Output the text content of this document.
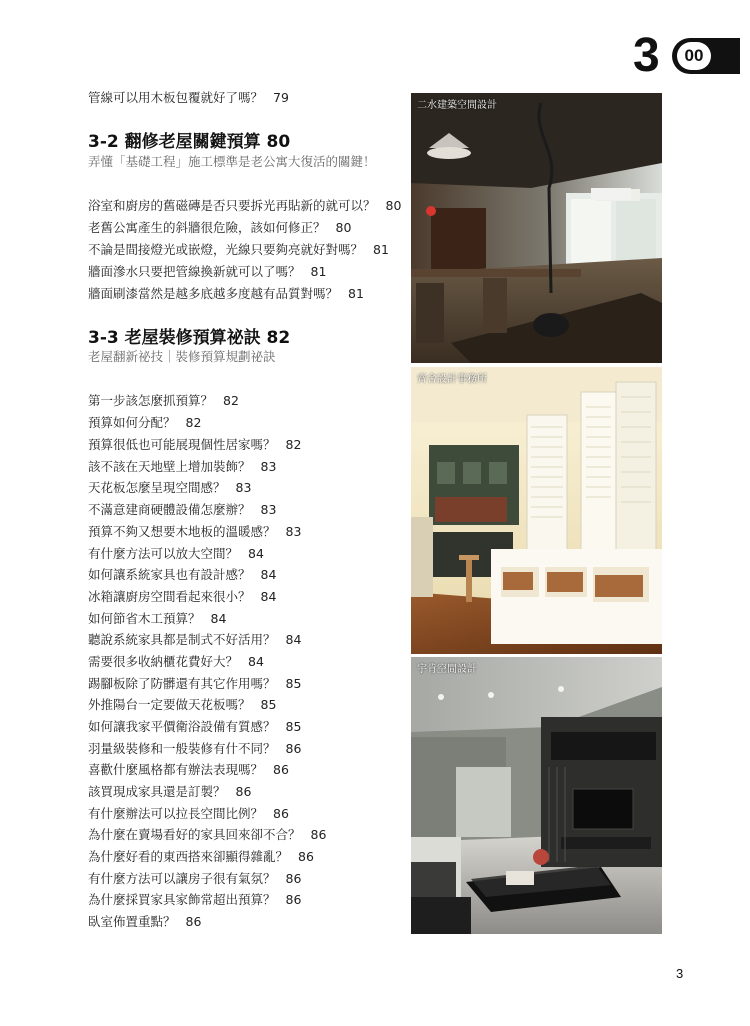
3	00
管線可以用木板包覆就好了嗎？ 79
3-2 翻修老屋關鍵預算 80
弄懂「基礎工程」施工標準是老公寓大復活的關鍵！
浴室和廚房的舊磁磚是否只要拆光再貼新的就可以？ 80
老舊公寓產生的斜牆很危險，該如何修正？ 80
不論是間接燈光或嵌燈，光線只要夠亮就好對嗎？ 81
牆面滲水只要把管線換新就可以了嗎？ 81
牆面刷漆當然是越多底越多度越有品質對嗎？ 81
3-3 老屋裝修預算祕訣 82
老屋翻新祕技｜裝修預算規劃祕訣
第一步該怎麼抓預算？ 82
預算如何分配？ 82
預算很低也可能展現個性居家嗎？ 82
該不該在天地壁上增加裝飾？ 83
天花板怎麼呈現空間感？ 83
不滿意建商硬體設備怎麼辦？ 83
預算不夠又想要木地板的溫暖感？ 83
有什麼方法可以放大空間？ 84
如何讓系統家具也有設計感？ 84
冰箱讓廚房空間看起來很小？ 84
如何節省木工預算？ 84
聽說系統家具都是制式不好活用？ 84
需要很多收納櫃花費好大？ 84
踢腳板除了防髒還有其它作用嗎？ 85
外推陽台一定要做天花板嗎？ 85
如何讓我家平價衛浴設備有質感？ 85
羽量級裝修和一般裝修有什不同？ 86
喜歡什麼風格都有辦法表現嗎？ 86
該買現成家具還是訂製？ 86
有什麼辦法可以拉長空間比例？ 86
為什麼在賣場看好的家具回來卻不合？ 86
為什麼好看的東西搭來卻顯得雜亂？ 86
有什麼方法可以讓房子很有氣氛？ 86
為什麼採買家具家飾常超出預算？ 86
臥室佈置重點？ 86
二水建築空間設計
齊舍設計事務所
宇肯空間設計
3
